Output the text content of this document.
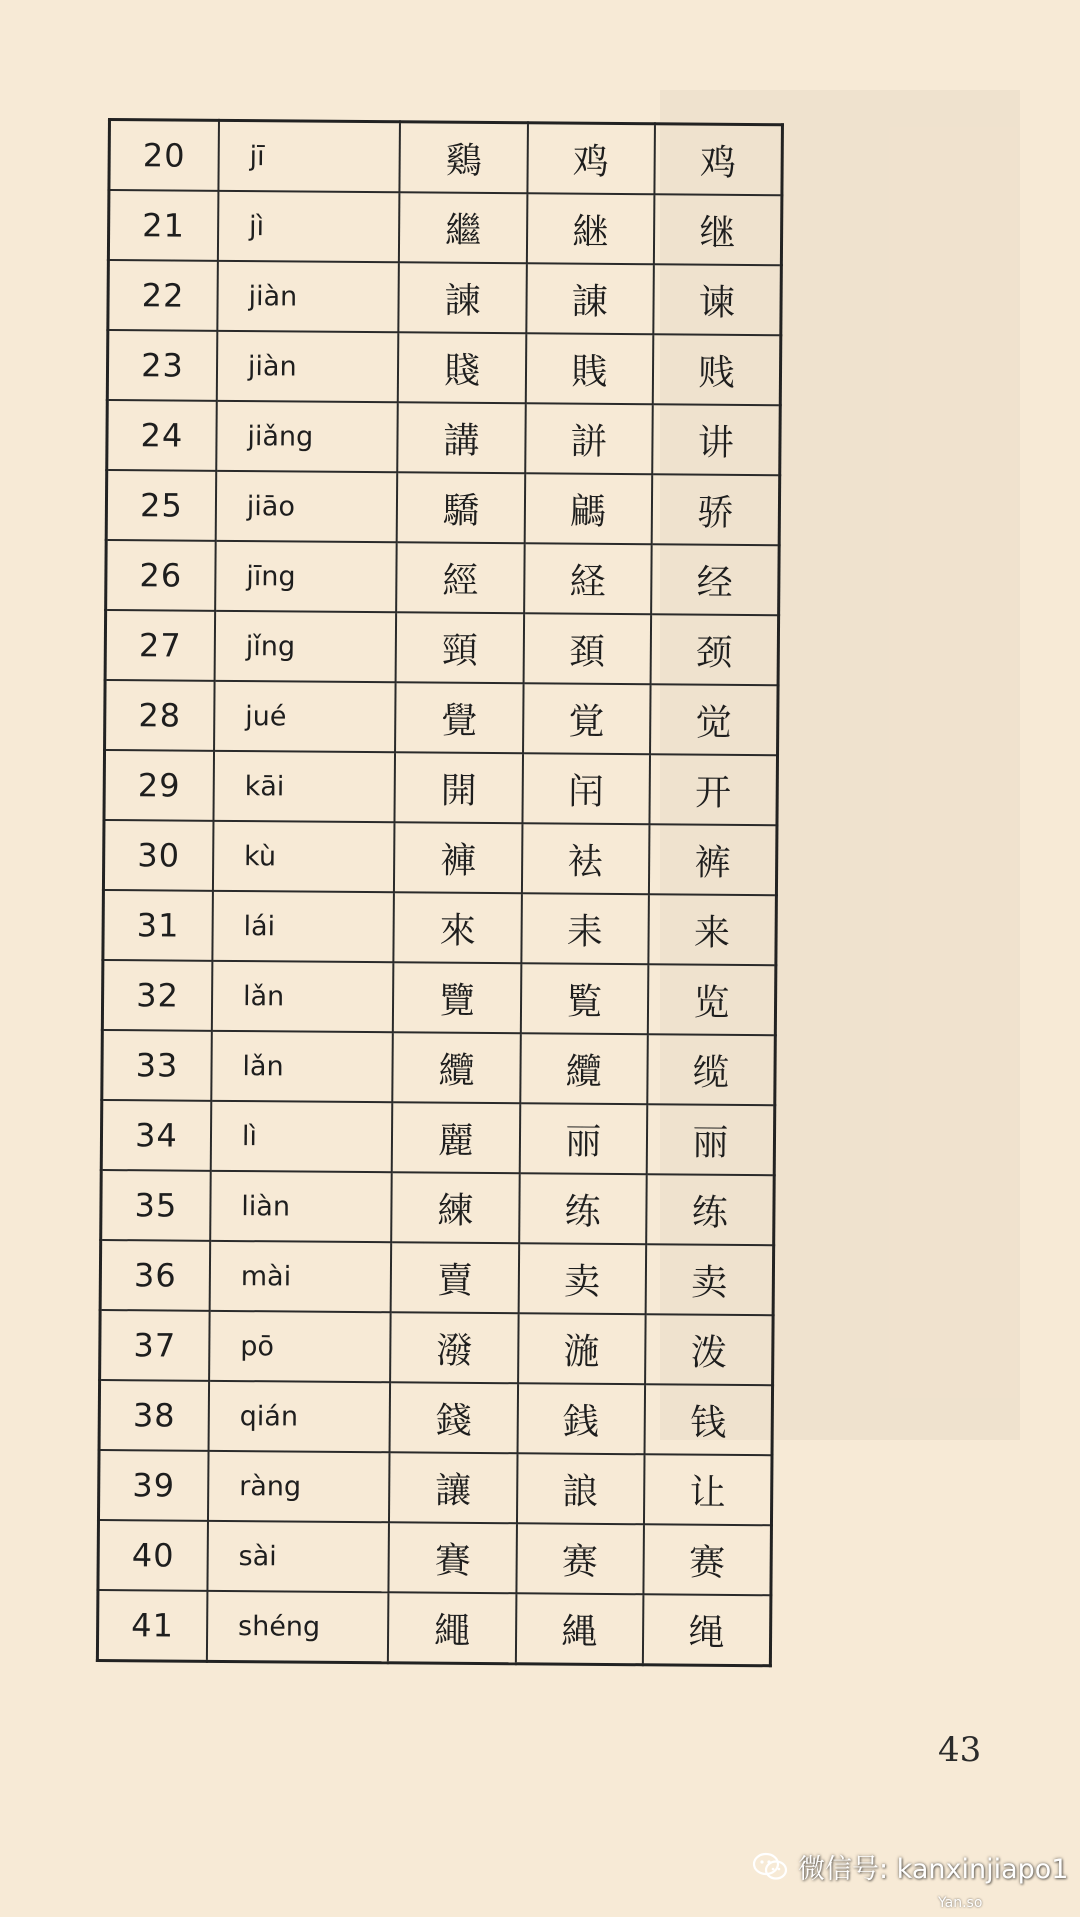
20	jī	鷄	鸡	鸡
21	jì	繼	継	继
22	jiàn	諫	諌	谏
23	jiàn	賤	賎	贱
24	jiǎng	講	誁	讲
25	jiāo	驕	騗	骄
26	jīng	經	経	经
27	jǐng	頸	頚	颈
28	jué	覺	覚	觉
29	kāi	開	闬	开
30	kù	褲	袪	裤
31	lái	來	耒	来
32	lǎn	覽	覧	览
33	lǎn	纜	纜	缆
34	lì	麗	丽	丽
35	liàn	練	练	练
36	mài	賣	卖	卖
37	pō	潑	湤	泼
38	qián	錢	銭	钱
39	ràng	讓	誏	让
40	sài	賽	赛	赛
41	shéng	繩	縄	绳
43
微信号: kanxinjiapo1
Yan.so
